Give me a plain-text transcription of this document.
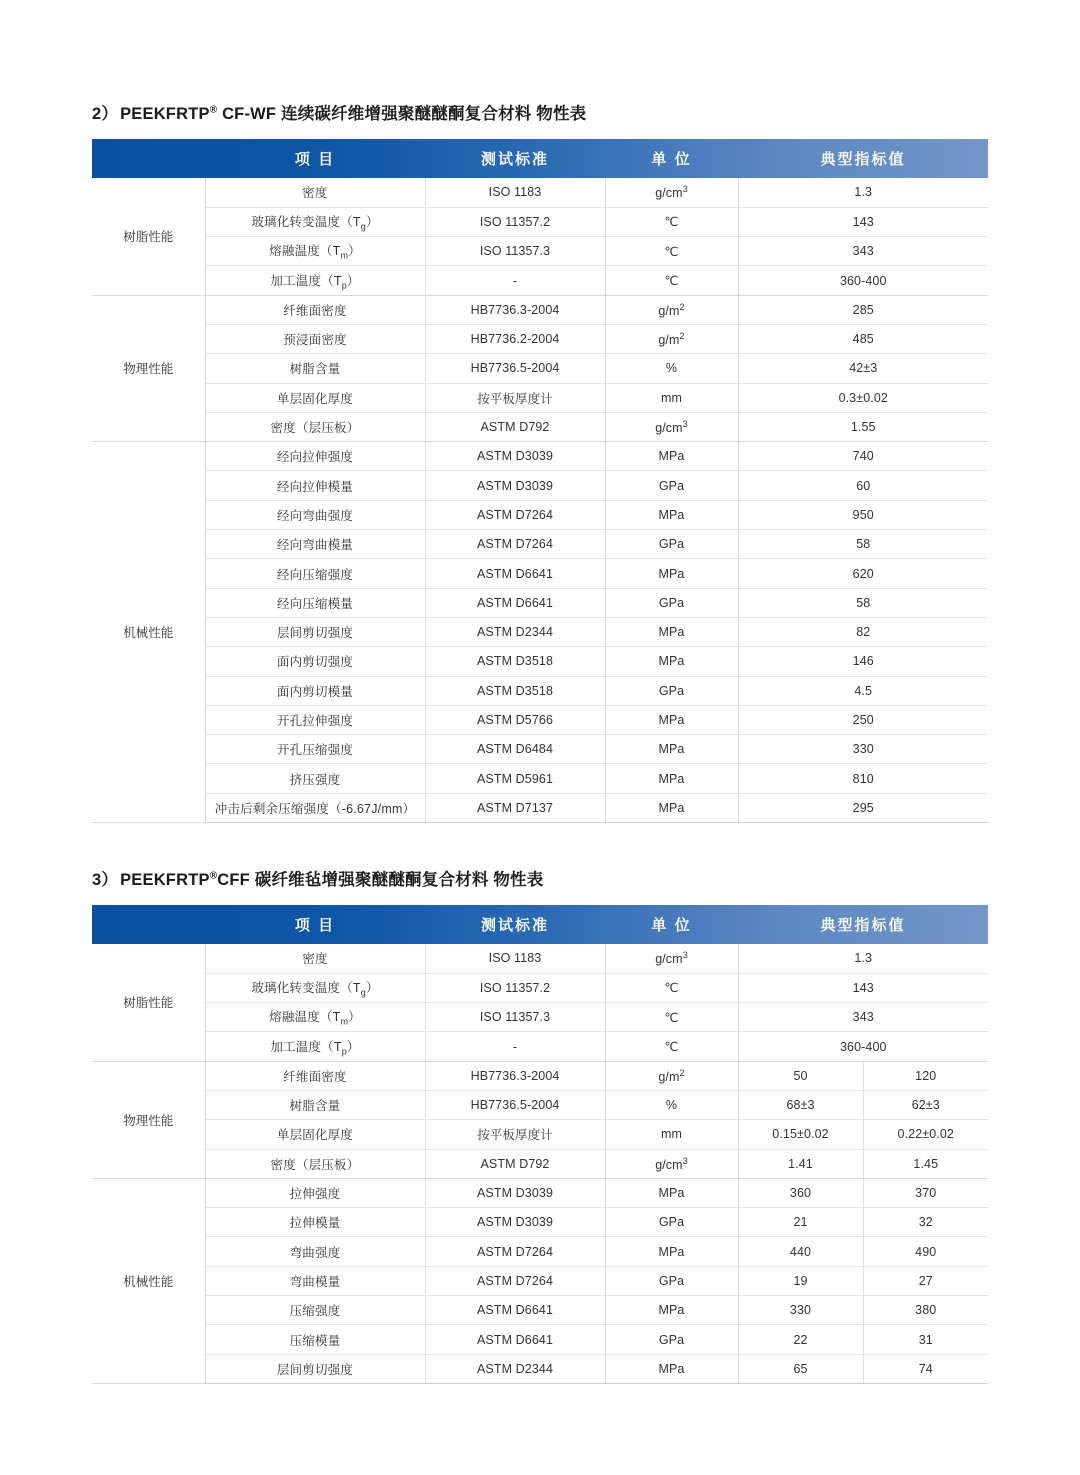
2） PEEKFRTP® CF-WF 连续碳纤维增强聚醚醚酮复合材料 物性表
	项 目	测试标准	单 位	典型指标值
树脂性能	密度	ISO 1183	$g/cm^3$	1.3
	玻璃化转变温度$(T_g)$	ISO 11357.2	℃	143
	熔融温度$(T_m)$	ISO 11357.3	℃	343
	加工温度$(T_p)$	-	℃	360-400
物理性能	纤维面密度	HB7736.3-2004	$g/m^2$	285
	预浸面密度	HB7736.2-2004	$g/m^2$	485
	树脂含量	HB7736.5-2004	%	42±3
	单层固化厚度	按平板厚度计	mm	0.3±0.02
	密度（层压板）	ASTM D792	$g/cm^3$	1.55
机械性能	经向拉伸强度	ASTM D3039	MPa	740
	经向拉伸模量	ASTM D3039	GPa	60
	经向弯曲强度	ASTM D7264	MPa	950
	经向弯曲模量	ASTM D7264	GPa	58
	经向压缩强度	ASTM D6641	MPa	620
	经向压缩模量	ASTM D6641	GPa	58
	层间剪切强度	ASTM D2344	MPa	82
	面内剪切强度	ASTM D3518	MPa	146
	面内剪切模量	ASTM D3518	GPa	4.5
	开孔拉伸强度	ASTM D5766	MPa	250
	开孔压缩强度	ASTM D6484	MPa	330
	挤压强度	ASTM D5961	MPa	810
	冲击后剩余压缩强度（-6.67J/mm）	ASTM D7137	MPa	295
3） PEEKFRTP®CFF 碳纤维毡增强聚醚醚酮复合材料 物性表
	项 目	测试标准	单 位	典型指标值	
树脂性能	密度	ISO 1183	$g/cm^3$	1.3	
	玻璃化转变温度$(T_g)$	ISO 11357.2	℃	143	
	熔融温度$(T_m)$	ISO 11357.3	℃	343	
	加工温度$(T_p)$	-	℃	360-400	
物理性能	纤维面密度	HB7736.3-2004	$g/m^2$	50	120
	树脂含量	HB7736.5-2004	%	68±3	62±3
	单层固化厚度	按平板厚度计	mm	0.15±0.02	0.22±0.02
	密度（层压板）	ASTM D792	$g/cm^3$	1.41	1.45
机械性能	拉伸强度	ASTM D3039	MPa	360	370
	拉伸模量	ASTM D3039	GPa	21	32
	弯曲强度	ASTM D7264	MPa	440	490
	弯曲模量	ASTM D7264	GPa	19	27
	压缩强度	ASTM D6641	MPa	330	380
	压缩模量	ASTM D6641	GPa	22	31
	层间剪切强度	ASTM D2344	MPa	65	74
